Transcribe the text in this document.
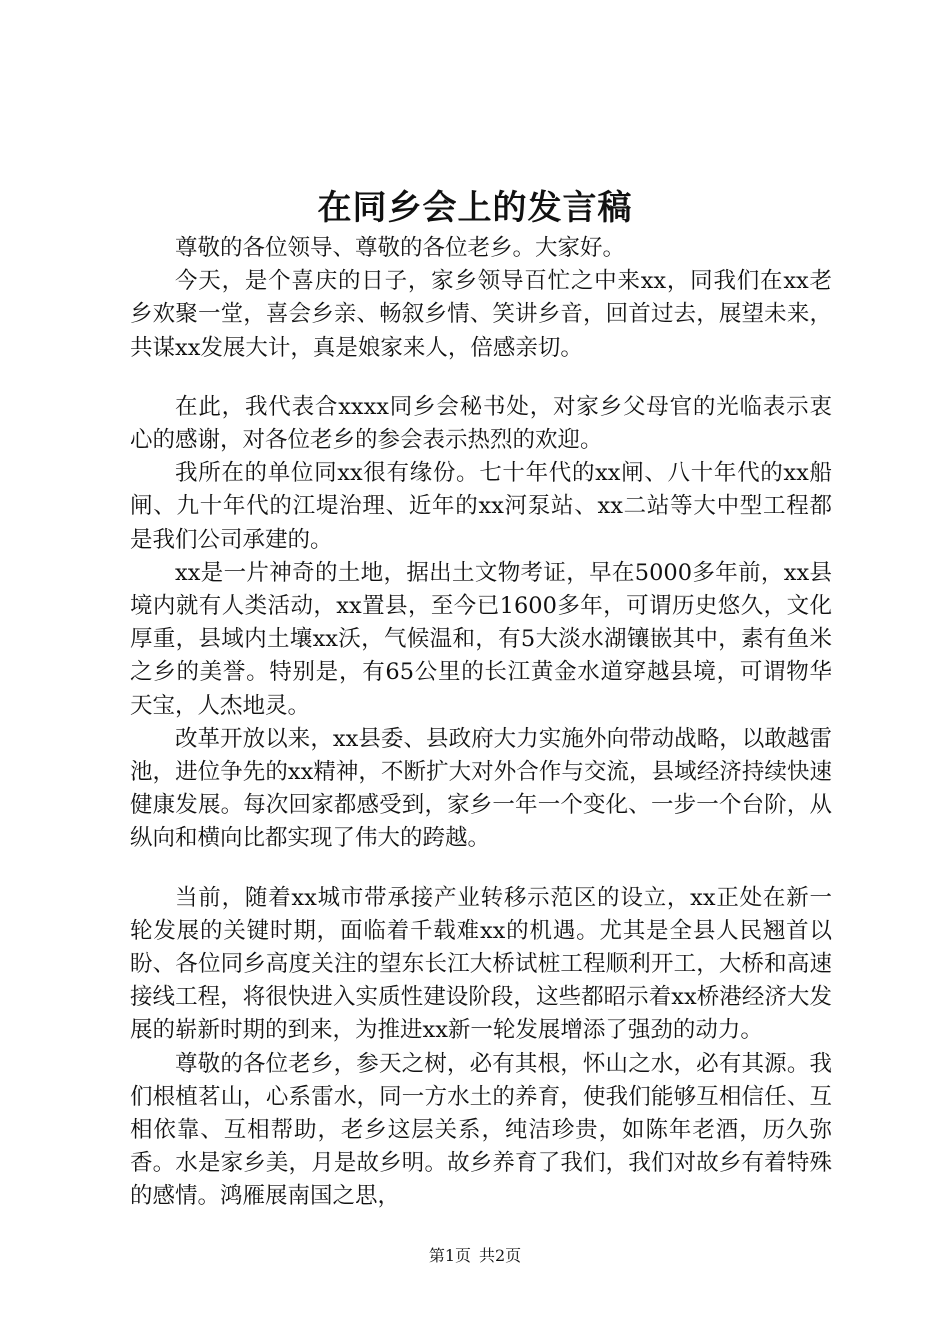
在同乡会上的发言稿

尊敬的各位领导、尊敬的各位老乡。大家好。

今天，是个喜庆的日子，家乡领导百忙之中来xx，同我们在xx老乡欢聚一堂，喜会乡亲、畅叙乡情、笑讲乡音，回首过去，展望未来，共谋xx发展大计，真是娘家来人，倍感亲切。

在此，我代表合xxxx同乡会秘书处，对家乡父母官的光临表示衷心的感谢，对各位老乡的参会表示热烈的欢迎。

我所在的单位同xx很有缘份。七十年代的xx闸、八十年代的xx船闸、九十年代的江堤治理、近年的xx河泵站、xx二站等大中型工程都是我们公司承建的。

xx是一片神奇的土地，据出土文物考证，早在5000多年前，xx县境内就有人类活动，xx置县，至今已1600多年，可谓历史悠久，文化厚重，县域内土壤xx沃，气候温和，有5大淡水湖镶嵌其中，素有鱼米之乡的美誉。特别是，有65公里的长江黄金水道穿越县境，可谓物华天宝，人杰地灵。

改革开放以来，xx县委、县政府大力实施外向带动战略，以敢越雷池，进位争先的xx精神，不断扩大对外合作与交流，县域经济持续快速健康发展。每次回家都感受到，家乡一年一个变化、一步一个台阶，从纵向和横向比都实现了伟大的跨越。

当前，随着xx城市带承接产业转移示范区的设立，xx正处在新一轮发展的关键时期，面临着千载难xx的机遇。尤其是全县人民翘首以盼、各位同乡高度关注的望东长江大桥试桩工程顺利开工，大桥和高速接线工程，将很快进入实质性建设阶段，这些都昭示着xx桥港经济大发展的崭新时期的到来，为推进xx新一轮发展增添了强劲的动力。

尊敬的各位老乡，参天之树，必有其根，怀山之水，必有其源。我们根植茗山，心系雷水，同一方水土的养育，使我们能够互相信任、互相依靠、互相帮助，老乡这层关系，纯洁珍贵，如陈年老酒，历久弥香。水是家乡美，月是故乡明。故乡养育了我们，我们对故乡有着特殊的感情。鸿雁展南国之思，

第1页 共2页
